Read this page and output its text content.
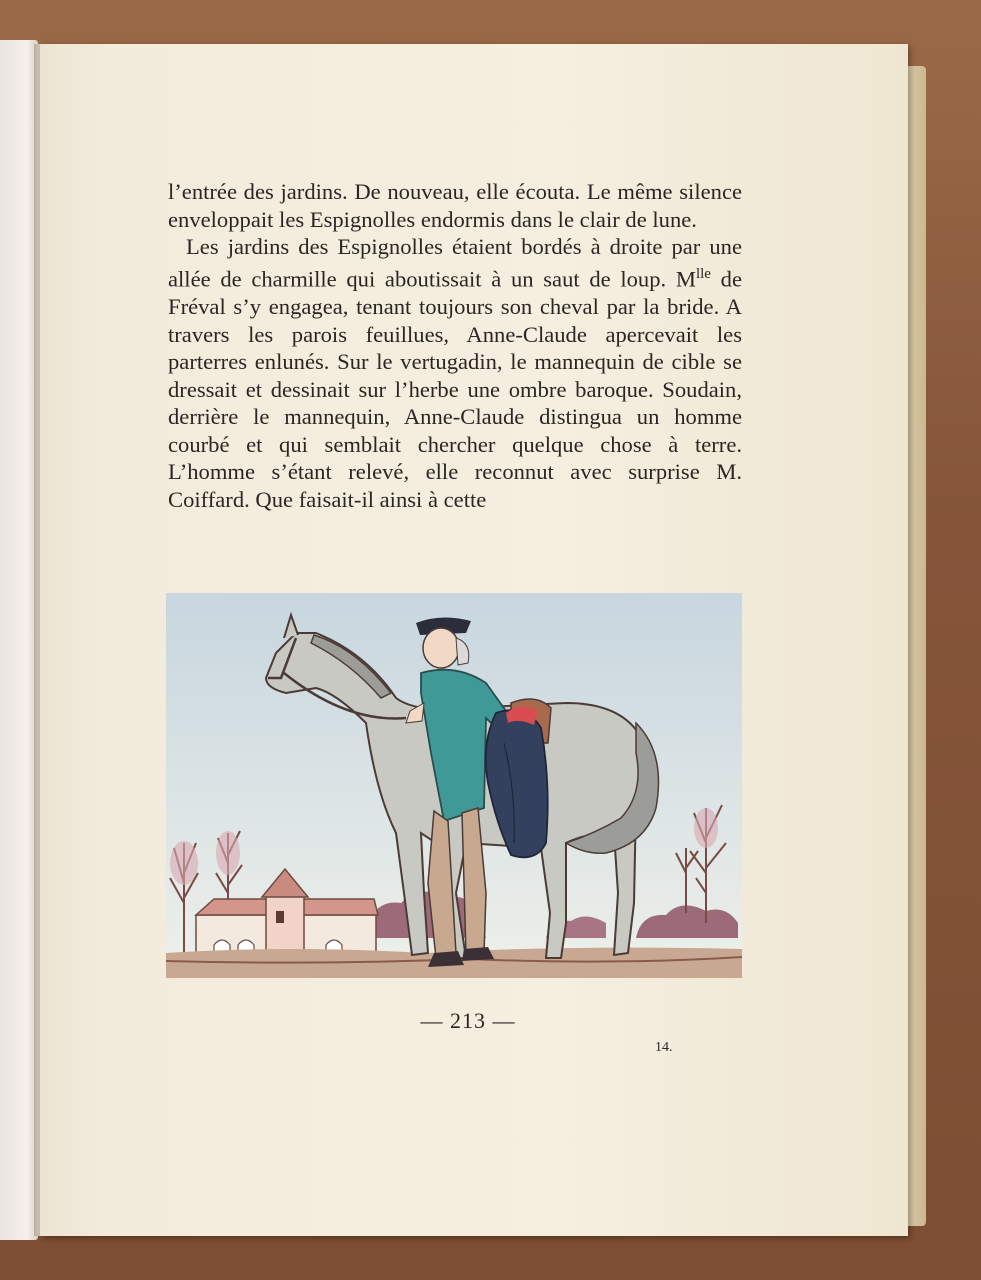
l’entrée des jardins. De nouveau, elle écouta. Le même silence enveloppait les Espignolles endormis dans le clair de lune.

Les jardins des Espignolles étaient bordés à droite par une allée de charmille qui aboutissait à un saut de loup. $M^{lle}$ de Fréval s’y engagea, tenant toujours son cheval par la bride. A travers les parois feuillues, Anne-Claude apercevait les parterres enlunés. Sur le vertugadin, le mannequin de cible se dressait et dessinait sur l’herbe une ombre baroque. Soudain, derrière le mannequin, Anne-Claude distingua un homme courbé et qui semblait chercher quelque chose à terre. L’homme s’étant relevé, elle reconnut avec surprise M. Coiffard. Que faisait-il ainsi à cette

— 213 —
14.
